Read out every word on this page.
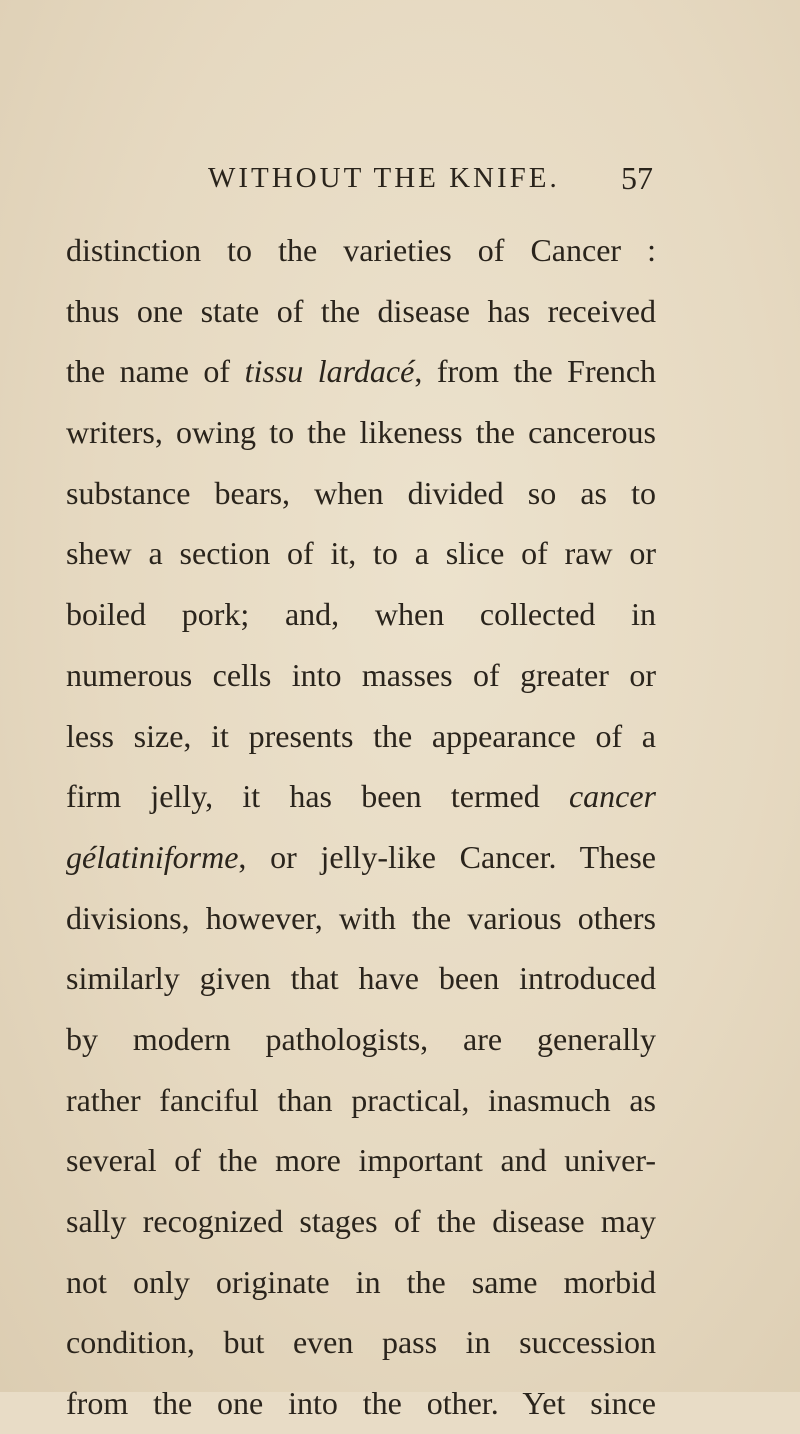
WITHOUT THE KNIFE. 57
distinction to the varieties of Cancer :
thus one state of the disease has received
the name of tissu lardacé, from the French
writers, owing to the likeness the cancerous
substance bears, when divided so as to
shew a section of it, to a slice of raw or
boiled pork; and, when collected in
numerous cells into masses of greater or
less size, it presents the appearance of a
firm jelly, it has been termed cancer
gélatiniforme, or jelly-like Cancer. These
divisions, however, with the various others
similarly given that have been introduced
by modern pathologists, are generally
rather fanciful than practical, inasmuch as
several of the more important and univer-
sally recognized stages of the disease may
not only originate in the same morbid
condition, but even pass in succession
from the one into the other. Yet since
